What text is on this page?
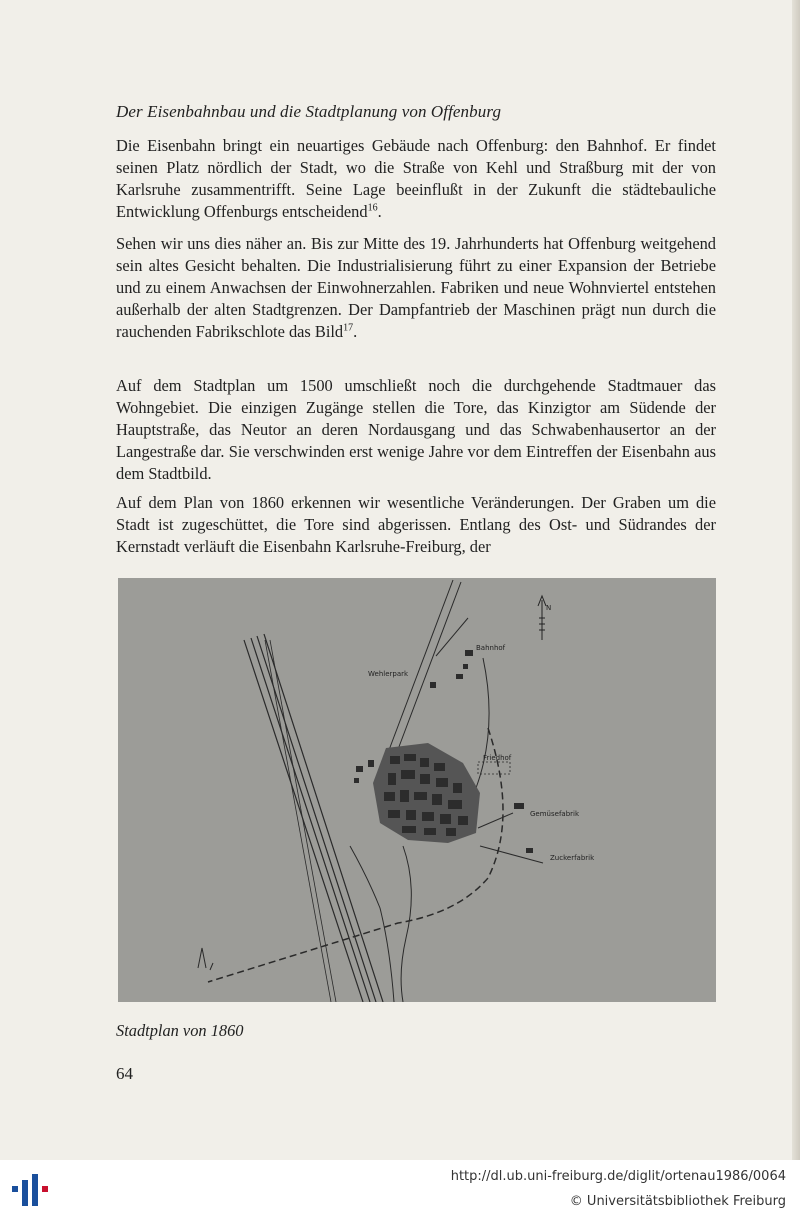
Der Eisenbahnbau und die Stadtplanung von Offenburg

Die Eisenbahn bringt ein neuartiges Gebäude nach Offenburg: den Bahnhof. Er findet seinen Platz nördlich der Stadt, wo die Straße von Kehl und Straßburg mit der von Karlsruhe zusammentrifft. Seine Lage beeinflußt in der Zukunft die städtebauliche Entwicklung Offenburgs entscheidend$^{16}$.

Sehen wir uns dies näher an. Bis zur Mitte des 19. Jahrhunderts hat Offenburg weitgehend sein altes Gesicht behalten. Die Industrialisierung führt zu einer Expansion der Betriebe und zu einem Anwachsen der Einwohnerzahlen. Fabriken und neue Wohnviertel entstehen außerhalb der alten Stadtgrenzen. Der Dampfantrieb der Maschinen prägt nun durch die rauchenden Fabrikschlote das Bild$^{17}$.

Auf dem Stadtplan um 1500 umschließt noch die durchgehende Stadtmauer das Wohngebiet. Die einzigen Zugänge stellen die Tore, das Kinzigtor am Südende der Hauptstraße, das Neutor an deren Nordausgang und das Schwabenhausertor an der Langestraße dar. Sie verschwinden erst wenige Jahre vor dem Eintreffen der Eisenbahn aus dem Stadtbild.

Auf dem Plan von 1860 erkennen wir wesentliche Veränderungen. Der Graben um die Stadt ist zugeschüttet, die Tore sind abgerissen. Entlang des Ost- und Südrandes der Kernstadt verläuft die Eisenbahn Karlsruhe-Freiburg, der

N
Bahnhof
Wehlerpark
Friedhof
Gemüsefabrik
Zuckerfabrik
Stadtplan von 1860
64
http://dl.ub.uni-freiburg.de/diglit/ortenau1986/0064
© Universitätsbibliothek Freiburg
